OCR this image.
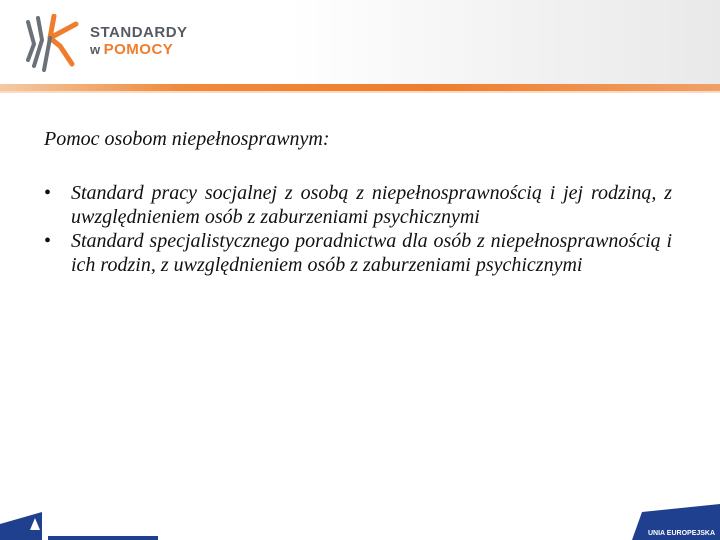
STANDARDY
w POMOCY

Pomoc osobom niepełnosprawnym:

• Standard pracy socjalnej z osobą z niepełnosprawnością i jej rodziną, z uwzględnieniem osób z zaburzeniami psychicznymi
• Standard specjalistycznego poradnictwa dla osób z niepełnosprawnością i ich rodzin, z uwzględnieniem osób z zaburzeniami psychicznymi
UNIA EUROPEJSKA
